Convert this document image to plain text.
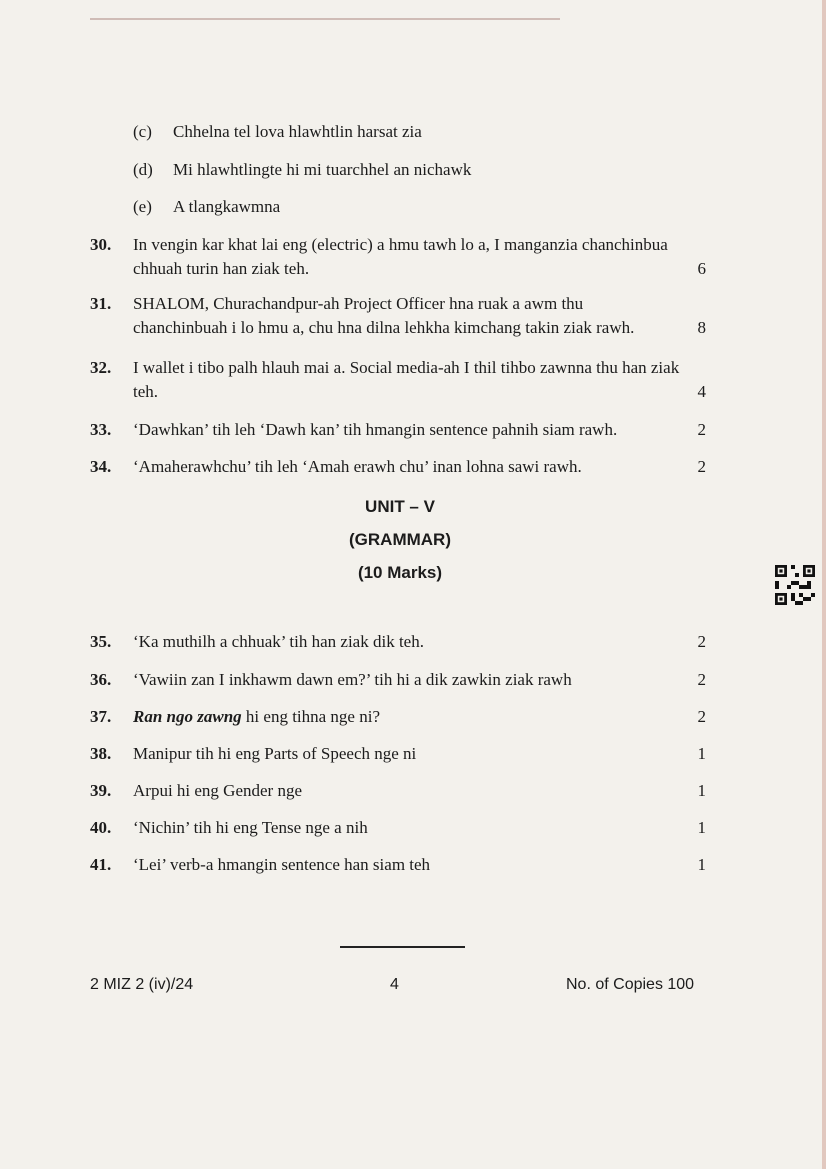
(c) Chhelna tel lova hlawhtlin harsat zia
(d) Mi hlawhtlingte hi mi tuarchhel an nichawk
(e) A tlangkawmna
30.	In vengin kar khat lai eng (electric) a hmu tawh lo a, I manganzia chanchinbua chhuah turin han ziak teh.	6
31.	SHALOM, Churachandpur-ah Project Officer hna ruak a awm thu chanchinbuah i lo hmu a, chu hna dilna lehkha kimchang takin ziak rawh.	8
32.	I wallet i tibo palh hlauh mai a. Social media-ah I thil tihbo zawnna thu han ziak teh.	4
33.	‘Dawhkan’ tih leh ‘Dawh kan’ tih hmangin sentence pahnih siam rawh.	2
34.	‘Amaherawhchu’ tih leh ‘Amah erawh chu’ inan lohna sawi rawh.	2
UNIT – V
(GRAMMAR)
(10 Marks)
35.	‘Ka muthilh a chhuak’ tih han ziak dik teh.	2
36.	‘Vawiin zan I inkhawm dawn em?’ tih hi a dik zawkin ziak rawh	2
37.	Ran ngo zawng hi eng tihna nge ni?	2
38.	Manipur tih hi eng Parts of Speech nge ni	1
39.	Arpui hi eng Gender nge	1
40.	‘Nichin’ tih hi eng Tense nge a nih	1
41.	‘Lei’ verb-a hmangin sentence han siam teh	1
2 MIZ 2 (iv)/24	4	No. of Copies 100
